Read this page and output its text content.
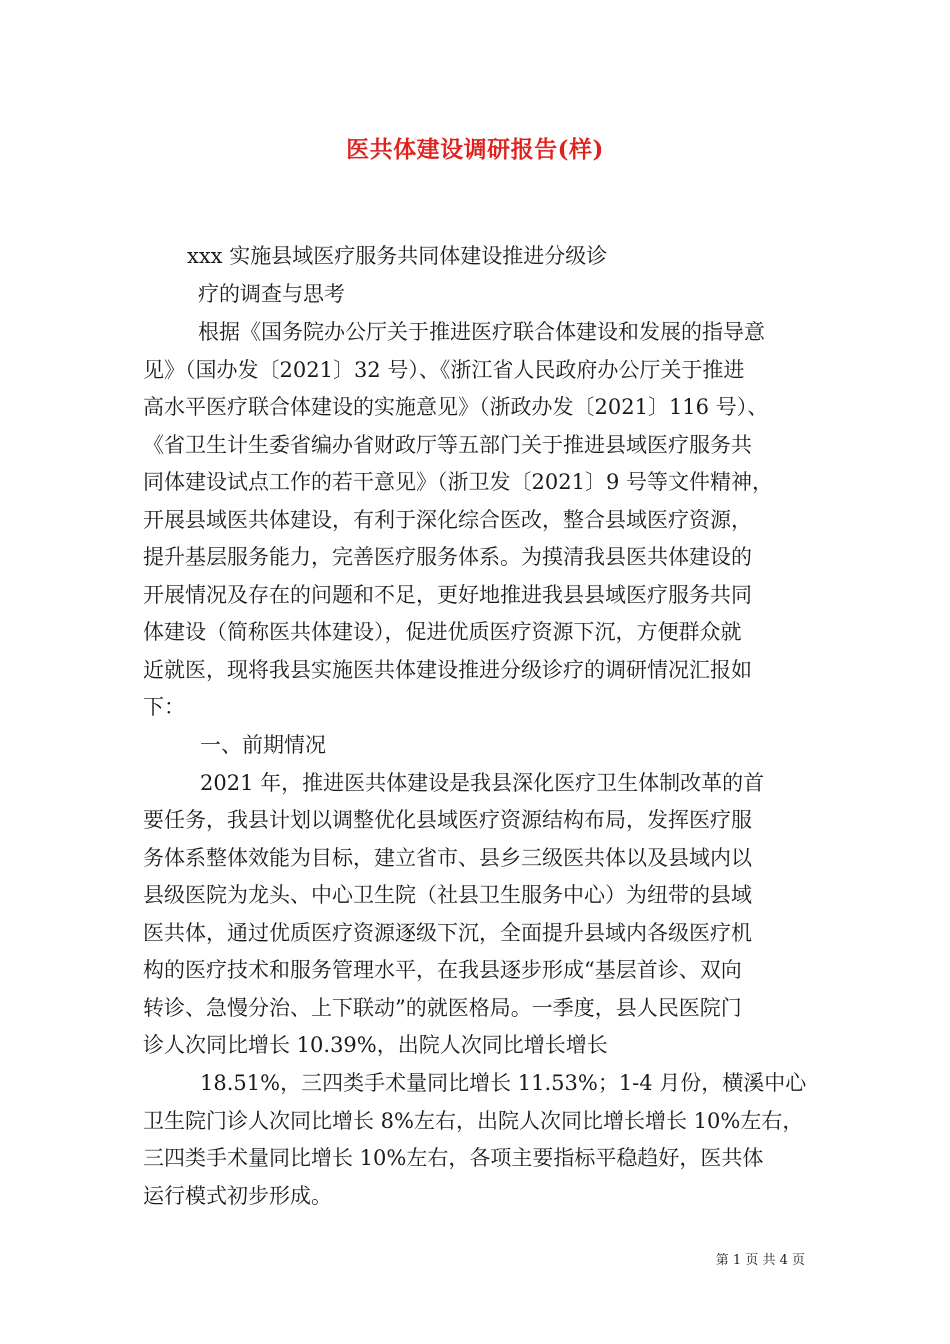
医共体建设调研报告(样)
xxx 实施县域医疗服务共同体建设推进分级诊
疗的调查与思考
根据《国务院办公厅关于推进医疗联合体建设和发展的指导意
见》（国办发〔2021〕32 号）、《浙江省人民政府办公厅关于推进
高水平医疗联合体建设的实施意见》（浙政办发〔2021〕116 号）、
《省卫生计生委省编办省财政厅等五部门关于推进县域医疗服务共
同体建设试点工作的若干意见》（浙卫发〔2021〕9 号等文件精神，
开展县域医共体建设，有利于深化综合医改，整合县域医疗资源，
提升基层服务能力，完善医疗服务体系。为摸清我县医共体建设的
开展情况及存在的问题和不足，更好地推进我县县域医疗服务共同
体建设（简称医共体建设），促进优质医疗资源下沉，方便群众就
近就医，现将我县实施医共体建设推进分级诊疗的调研情况汇报如
下：
一、前期情况
2021 年，推进医共体建设是我县深化医疗卫生体制改革的首
要任务，我县计划以调整优化县域医疗资源结构布局，发挥医疗服
务体系整体效能为目标，建立省市、县乡三级医共体以及县域内以
县级医院为龙头、中心卫生院（社县卫生服务中心）为纽带的县域
医共体，通过优质医疗资源逐级下沉，全面提升县域内各级医疗机
构的医疗技术和服务管理水平，在我县逐步形成“基层首诊、双向
转诊、急慢分治、上下联动”的就医格局。一季度，县人民医院门
诊人次同比增长 10.39%，出院人次同比增长增长
18.51%，三四类手术量同比增长 11.53%；1-4 月份，横溪中心
卫生院门诊人次同比增长 8%左右，出院人次同比增长增长 10%左右，
三四类手术量同比增长 10%左右，各项主要指标平稳趋好，医共体
运行模式初步形成。
第 1 页 共 4 页
